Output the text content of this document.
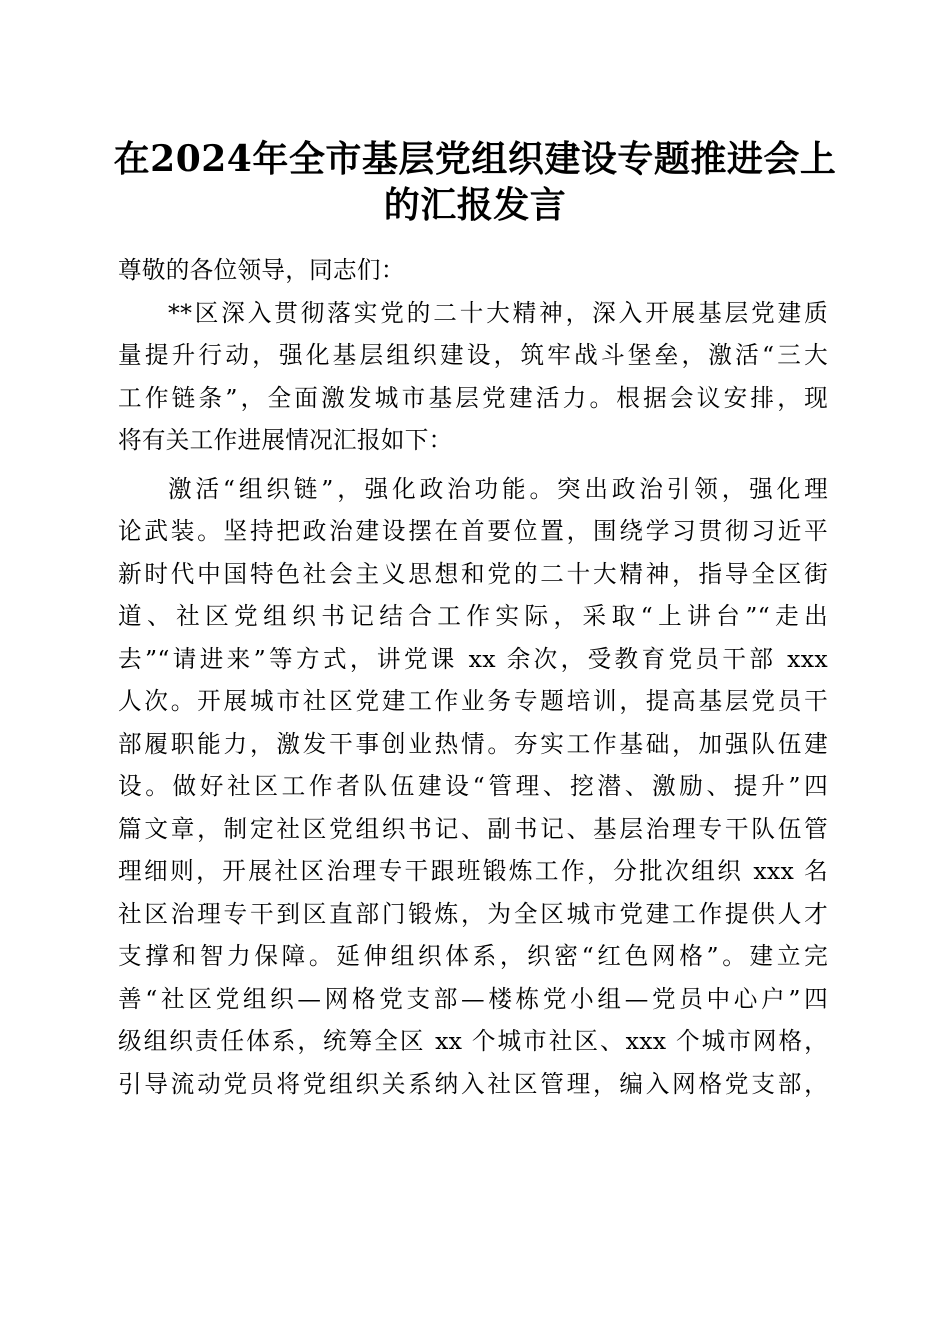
在2024年全市基层党组织建设专题推进会上
的汇报发言
尊敬的各位领导，同志们：
**区深入贯彻落实党的二十大精神，深入开展基层党建质
量提升行动，强化基层组织建设，筑牢战斗堡垒，激活“三大
工作链条”，全面激发城市基层党建活力。根据会议安排，现
将有关工作进展情况汇报如下：
激活“组织链”，强化政治功能。突出政治引领，强化理
论武装。坚持把政治建设摆在首要位置，围绕学习贯彻习近平
新时代中国特色社会主义思想和党的二十大精神，指导全区街
道、社区党组织书记结合工作实际，采取“上讲台”“走出
去”“请进来”等方式，讲党课 xx 余次，受教育党员干部 xxx
人次。开展城市社区党建工作业务专题培训，提高基层党员干
部履职能力，激发干事创业热情。夯实工作基础，加强队伍建
设。做好社区工作者队伍建设“管理、挖潜、激励、提升”四
篇文章，制定社区党组织书记、副书记、基层治理专干队伍管
理细则，开展社区治理专干跟班锻炼工作，分批次组织 xxx 名
社区治理专干到区直部门锻炼，为全区城市党建工作提供人才
支撑和智力保障。延伸组织体系，织密“红色网格”。建立完
善“社区党组织—网格党支部—楼栋党小组—党员中心户”四
级组织责任体系，统筹全区 xx 个城市社区、xxx 个城市网格，
引导流动党员将党组织关系纳入社区管理，编入网格党支部，
